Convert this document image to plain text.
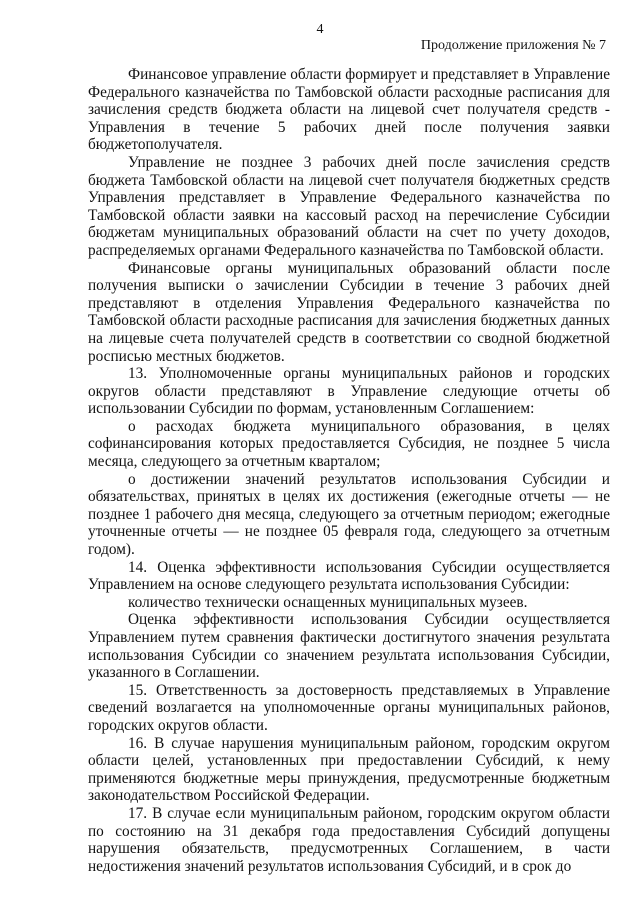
4
Продолжение приложения № 7

Финансовое управление области формирует и представляет в Управление Федерального казначейства по Тамбовской области расходные расписания для зачисления средств бюджета области на лицевой счет получателя средств - Управления в течение 5 рабочих дней после получения заявки бюджетополучателя.

Управление не позднее 3 рабочих дней после зачисления средств бюджета Тамбовской области на лицевой счет получателя бюджетных средств Управления представляет в Управление Федерального казначейства по Тамбовской области заявки на кассовый расход на перечисление Субсидии бюджетам муниципальных образований области на счет по учету доходов, распределяемых органами Федерального казначейства по Тамбовской области.

Финансовые органы муниципальных образований области после получения выписки о зачислении Субсидии в течение 3 рабочих дней представляют в отделения Управления Федерального казначейства по Тамбовской области расходные расписания для зачисления бюджетных данных на лицевые счета получателей средств в соответствии со сводной бюджетной росписью местных бюджетов.

13. Уполномоченные органы муниципальных районов и городских округов области представляют в Управление следующие отчеты об использовании Субсидии по формам, установленным Соглашением:

о расходах бюджета муниципального образования, в целях софинансирования которых предоставляется Субсидия, не позднее 5 числа месяца, следующего за отчетным кварталом;

о достижении значений результатов использования Субсидии и обязательствах, принятых в целях их достижения (ежегодные отчеты — не позднее 1 рабочего дня месяца, следующего за отчетным периодом; ежегодные уточненные отчеты — не позднее 05 февраля года, следующего за отчетным годом).

14. Оценка эффективности использования Субсидии осуществляется Управлением на основе следующего результата использования Субсидии:

количество технически оснащенных муниципальных музеев.

Оценка эффективности использования Субсидии осуществляется Управлением путем сравнения фактически достигнутого значения результата использования Субсидии со значением результата использования Субсидии, указанного в Соглашении.

15. Ответственность за достоверность представляемых в Управление сведений возлагается на уполномоченные органы муниципальных районов, городских округов области.

16. В случае нарушения муниципальным районом, городским округом области целей, установленных при предоставлении Субсидий, к нему применяются бюджетные меры принуждения, предусмотренные бюджетным законодательством Российской Федерации.

17. В случае если муниципальным районом, городским округом области по состоянию на 31 декабря года предоставления Субсидий допущены нарушения обязательств, предусмотренных Соглашением, в части недостижения значений результатов использования Субсидий, и в срок до
